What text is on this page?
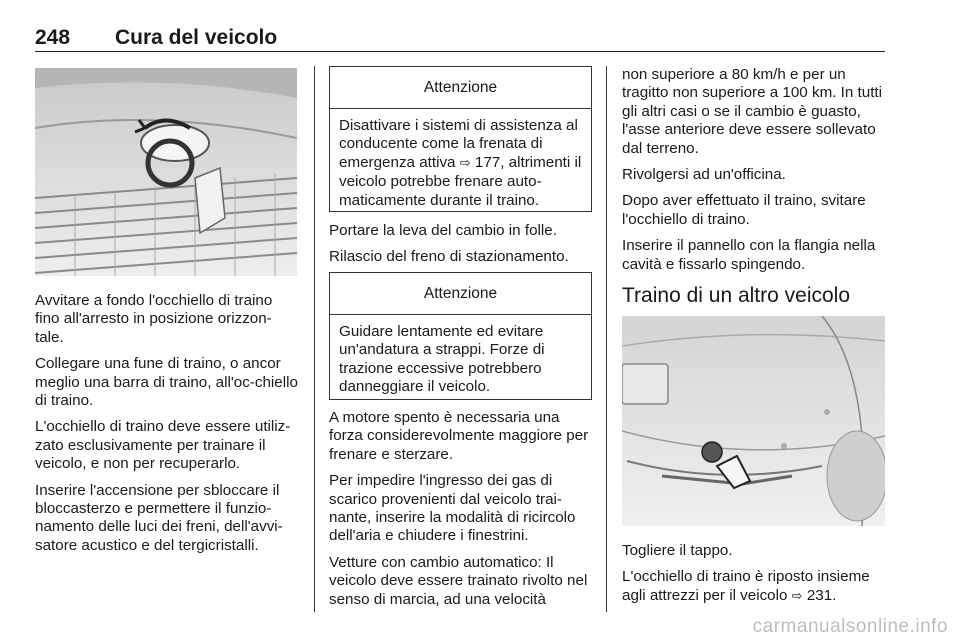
248 Cura del veicolo

Avvitare a fondo l'occhiello di traino fino all'arresto in posizione orizzon-tale.

Collegare una fune di traino, o ancor meglio una barra di traino, all'oc-chiello di traino.

L'occhiello di traino deve essere utiliz-zato esclusivamente per trainare il veicolo, e non per recuperarlo.

Inserire l'accensione per sbloccare il bloccasterzo e permettere il funzio-namento delle luci dei freni, dell'avvi-satore acustico e del tergicristalli.

Attenzione
Disattivare i sistemi di assistenza al conducente come la frenata di emergenza attiva ⇨ 177, altrimenti il veicolo potrebbe frenare auto-maticamente durante il traino.

Portare la leva del cambio in folle.

Rilascio del freno di stazionamento.

Attenzione
Guidare lentamente ed evitare un'andatura a strappi. Forze di trazione eccessive potrebbero danneggiare il veicolo.

A motore spento è necessaria una forza considerevolmente maggiore per frenare e sterzare.

Per impedire l'ingresso dei gas di scarico provenienti dal veicolo trai-nante, inserire la modalità di ricircolo dell'aria e chiudere i finestrini.

Vetture con cambio automatico: Il veicolo deve essere trainato rivolto nel senso di marcia, ad una velocità

non superiore a 80 km/h e per un tragitto non superiore a 100 km. In tutti gli altri casi o se il cambio è guasto, l'asse anteriore deve essere sollevato dal terreno.

Rivolgersi ad un'officina.

Dopo aver effettuato il traino, svitare l'occhiello di traino.

Inserire il pannello con la flangia nella cavità e fissarlo spingendo.

Traino di un altro veicolo

Togliere il tappo.

L'occhiello di traino è riposto insieme agli attrezzi per il veicolo ⇨ 231.

carmanualsonline.info
